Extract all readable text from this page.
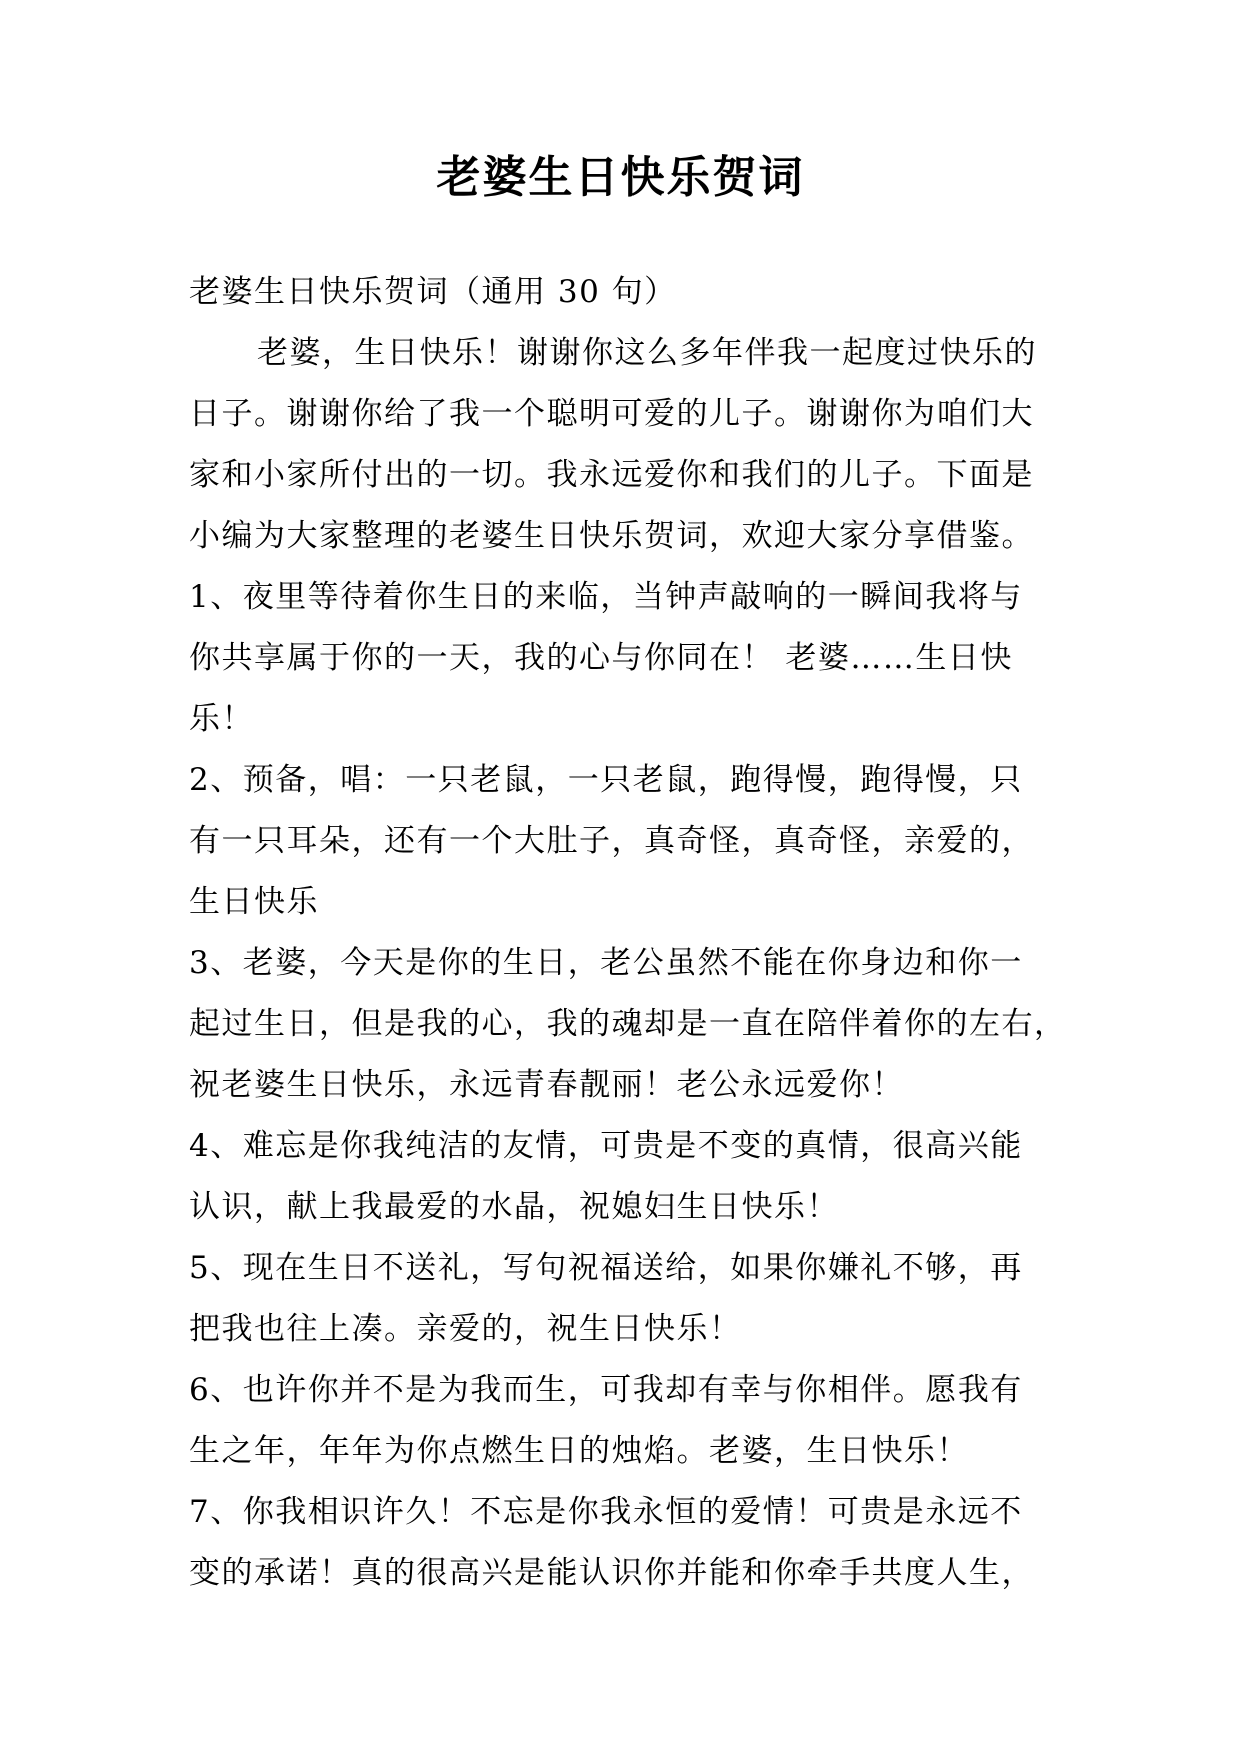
老婆生日快乐贺词
老婆生日快乐贺词（通用 30 句）
老婆，生日快乐！谢谢你这么多年伴我一起度过快乐的
日子。谢谢你给了我一个聪明可爱的儿子。谢谢你为咱们大
家和小家所付出的一切。我永远爱你和我们的儿子。下面是
小编为大家整理的老婆生日快乐贺词，欢迎大家分享借鉴。
1、夜里等待着你生日的来临，当钟声敲响的一瞬间我将与
你共享属于你的一天，我的心与你同在！ 老婆……生日快
乐！
2、预备，唱：一只老鼠，一只老鼠，跑得慢，跑得慢，只
有一只耳朵，还有一个大肚子，真奇怪，真奇怪，亲爱的，
生日快乐
3、老婆，今天是你的生日，老公虽然不能在你身边和你一
起过生日，但是我的心，我的魂却是一直在陪伴着你的左右，
祝老婆生日快乐，永远青春靓丽！老公永远爱你！
4、难忘是你我纯洁的友情，可贵是不变的真情，很高兴能
认识，献上我最爱的水晶，祝媳妇生日快乐！
5、现在生日不送礼，写句祝福送给，如果你嫌礼不够，再
把我也往上凑。亲爱的，祝生日快乐！
6、也许你并不是为我而生，可我却有幸与你相伴。愿我有
生之年，年年为你点燃生日的烛焰。老婆，生日快乐！
7、你我相识许久！不忘是你我永恒的爱情！可贵是永远不
变的承诺！真的很高兴是能认识你并能和你牵手共度人生，
